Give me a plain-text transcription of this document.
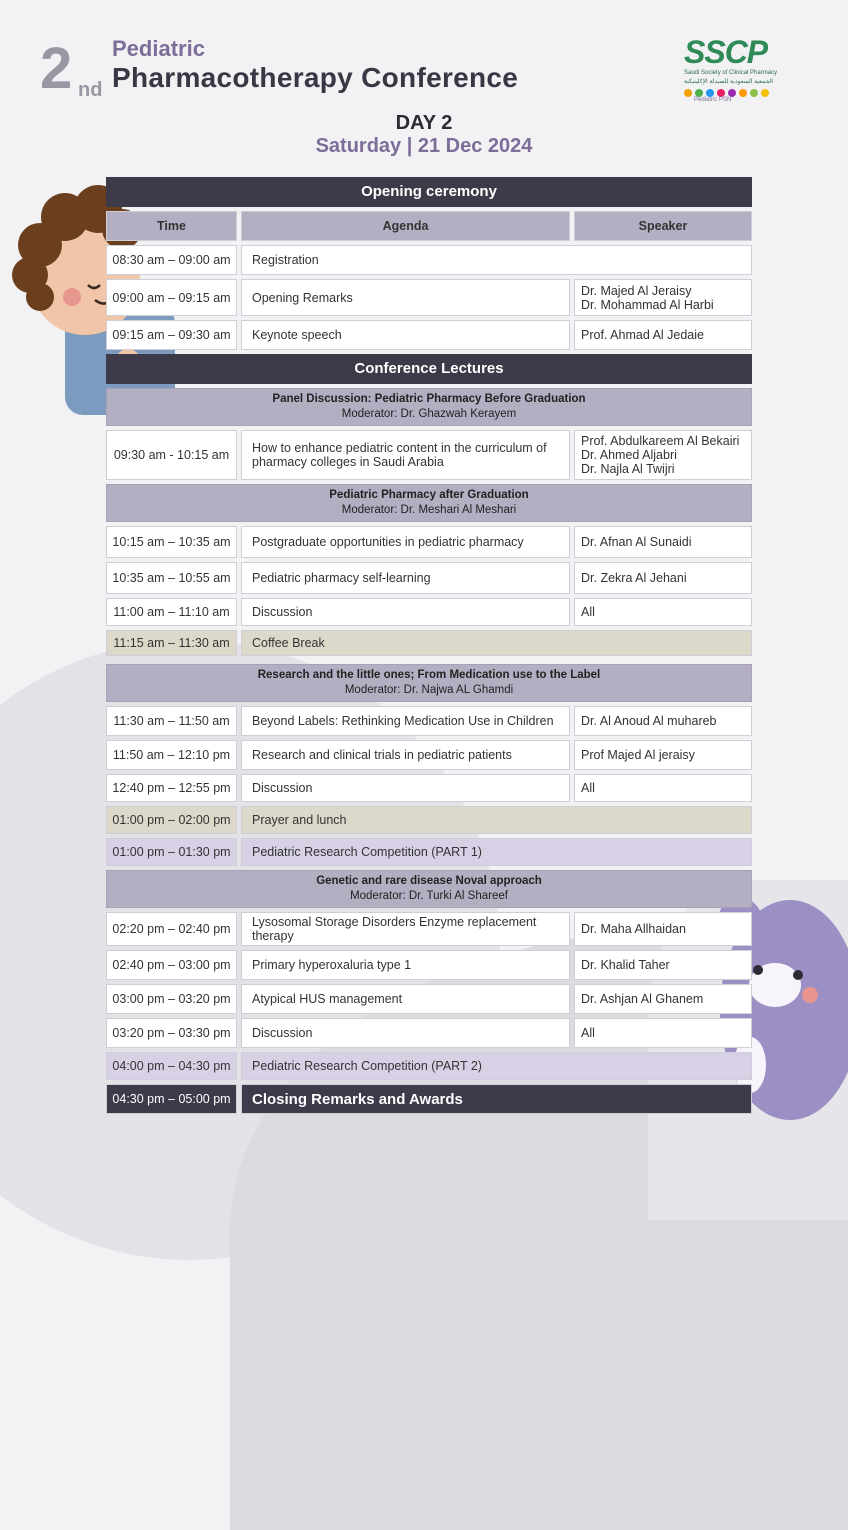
2 nd
Pediatric
Pharmacotherapy Conference
SSCP
Saudi Society of Clinical Pharmacy
الجمعية السعودية للصيدلة الإكلينيكية
Pediatric PSN
DAY 2
Saturday | 21 Dec 2024
Opening ceremony
Time	Agenda	Speaker
08:30 am – 09:00 am	Registration
09:00 am – 09:15 am	Opening Remarks	Dr. Majed Al Jeraisy
Dr. Mohammad Al Harbi
09:15 am – 09:30 am	Keynote speech	Prof. Ahmad Al Jedaie
Conference Lectures
Panel Discussion: Pediatric Pharmacy Before Graduation
Moderator: Dr. Ghazwah Kerayem
09:30 am - 10:15 am	How to enhance pediatric content in the curriculum of pharmacy colleges in Saudi Arabia
Prof. Abdulkareem Al Bekairi
Dr. Ahmed Aljabri
Dr. Najla Al Twijri
Pediatric Pharmacy after Graduation
Moderator: Dr. Meshari Al Meshari
10:15 am – 10:35 am	Postgraduate opportunities in pediatric pharmacy	Dr. Afnan Al Sunaidi
10:35 am – 10:55 am	Pediatric pharmacy self-learning	Dr. Zekra Al Jehani
11:00 am – 11:10 am	Discussion	All
11:15 am – 11:30 am	Coffee Break
Research and the little ones; From Medication use to the Label
Moderator: Dr. Najwa AL Ghamdi
11:30 am – 11:50 am	Beyond Labels: Rethinking Medication Use in Children	Dr. Al Anoud Al muhareb
11:50 am – 12:10 pm	Research and clinical trials in pediatric patients	Prof Majed Al jeraisy
12:40 pm – 12:55 pm	Discussion	All
01:00 pm – 02:00 pm	Prayer and lunch
01:00 pm – 01:30 pm	Pediatric Research Competition (PART 1)
Genetic and rare disease Noval approach
Moderator: Dr. Turki Al Shareef
02:20 pm – 02:40 pm	Lysosomal Storage Disorders Enzyme replacement therapy	Dr. Maha Allhaidan
02:40 pm – 03:00 pm	Primary hyperoxaluria type 1	Dr. Khalid Taher
03:00 pm – 03:20 pm	Atypical HUS management	Dr. Ashjan Al Ghanem
03:20 pm – 03:30 pm	Discussion	All
04:00 pm – 04:30 pm	Pediatric Research Competition (PART 2)
04:30 pm – 05:00 pm	Closing Remarks and Awards
